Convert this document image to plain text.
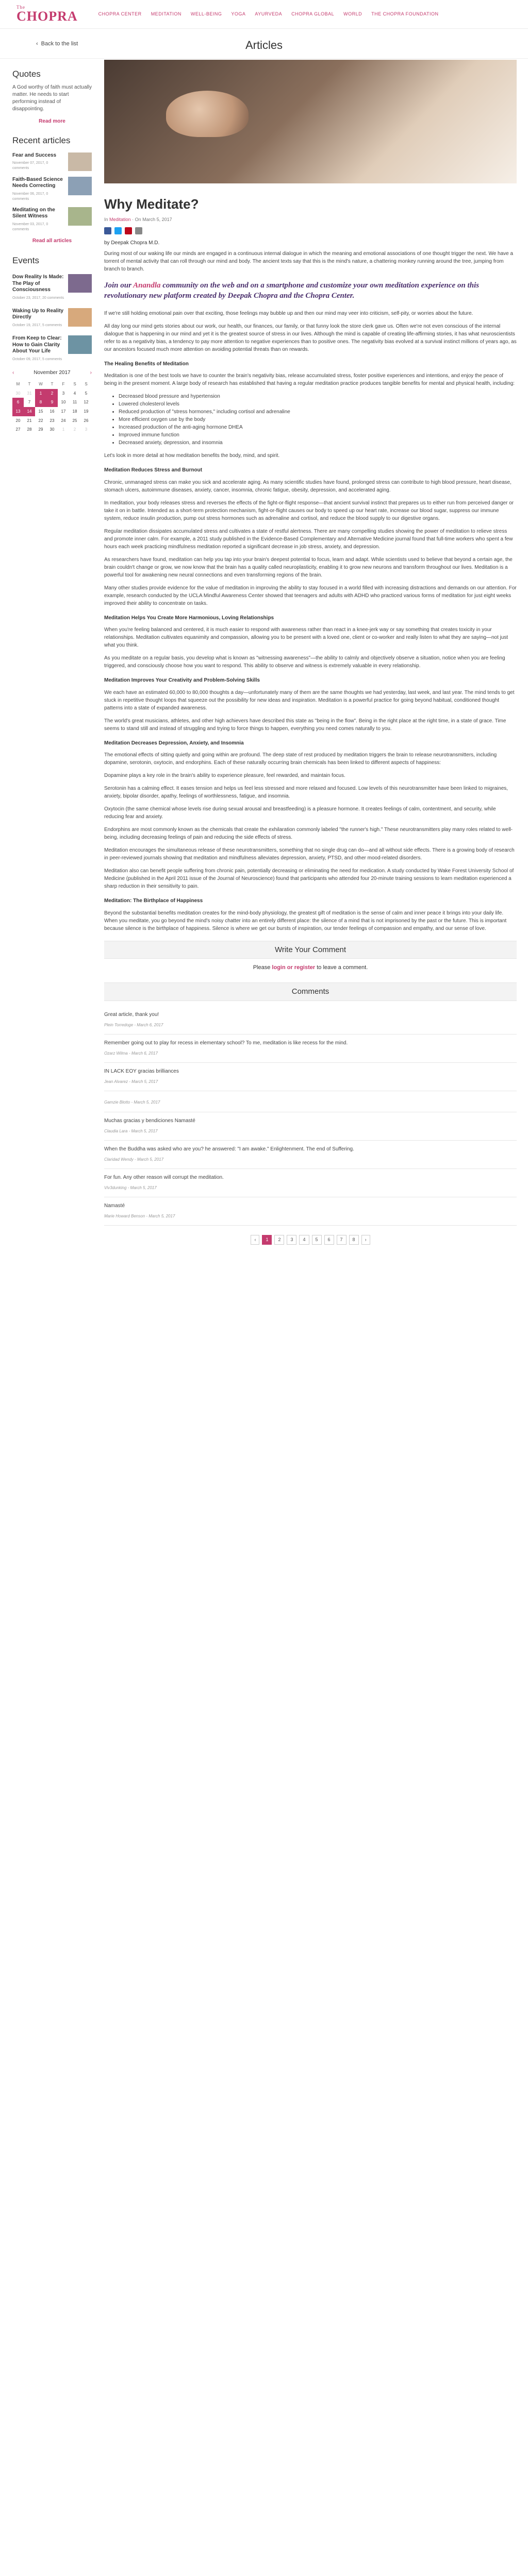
The
CHOPRA	CHOPRA CENTER MEDITATION WELL-BEING YOGA AYURVEDA CHOPRA GLOBAL WORLD THE CHOPRA FOUNDATION
‹ Back to the list	Articles
Quotes
A God worthy of faith must actually matter. He needs to start performing instead of disappointing.
Read more
Recent articles
Fear and Success
November 07, 2017, 0 comments
Faith-Based Science Needs Correcting
November 06, 2017, 0 comments
Meditating on the Silent Witness
November 03, 2017, 0 comments
Read all articles
Events
Dow Reality Is Made: The Play of Consciousness
October 23, 2017, 20 comments
Waking Up to Reality Directly
October 19, 2017, 5 comments
From Keep to Clear: How to Gain Clarity About Your Life
October 09, 2017, 5 comments
‹	November 2017	›
M	T	W	T	F	S	S
30	31	1	2	3	4	5
6	7	8	9	10	11	12
13	14	15	16	17	18	19
20	21	22	23	24	25	26
27	28	29	30	1	2	3
Why Meditate?
In Meditation · On March 5, 2017
by Deepak Chopra M.D.

During most of our waking life our minds are engaged in a continuous internal dialogue in which the meaning and emotional associations of one thought trigger the next. We have a torrent of mental activity that can roll through our mind and body. The ancient texts say that this is the mind's nature, a chattering monkey running around the tree, jumping from branch to branch.

Join our Anandla community on the web and on a smartphone and customize your own meditation experience on this revolutionary new platform created by Deepak Chopra and the Chopra Center.

If we're still holding emotional pain over that exciting, those feelings may bubble up and then our mind may veer into criticism, self-pity, or worries about the future.

All day long our mind gets stories about our work, our health, our finances, our family, or that funny look the store clerk gave us. Often we're not even conscious of the internal dialogue that is happening in our mind and yet it is the greatest source of stress in our lives. Although the mind is capable of creating life-affirming stories, it has what neuroscientists refer to as a negativity bias, a tendency to pay more attention to negative experiences than to positive ones. The negativity bias evolved at a survival instinct millions of years ago, as our ancestors focused much more attention on avoiding potential threats than on rewards.

The Healing Benefits of Meditation

Meditation is one of the best tools we have to counter the brain's negativity bias, release accumulated stress, foster positive experiences and intentions, and enjoy the peace of being in the present moment. A large body of research has established that having a regular meditation practice produces tangible benefits for mental and physical health, including:

• Decreased blood pressure and hypertension
• Lowered cholesterol levels
• Reduced production of "stress hormones," including cortisol and adrenaline
• More efficient oxygen use by the body
• Increased production of the anti-aging hormone DHEA
• Improved immune function
• Decreased anxiety, depression, and insomnia

Let's look in more detail at how meditation benefits the body, mind, and spirit.

Meditation Reduces Stress and Burnout

Chronic, unmanaged stress can make you sick and accelerate aging. As many scientific studies have found, prolonged stress can contribute to high blood pressure, heart disease, stomach ulcers, autoimmune diseases, anxiety, cancer, insomnia, chronic fatigue, obesity, depression, and accelerated aging.

In meditation, your body releases stress and reverses the effects of the fight-or-flight response—that ancient survival instinct that prepares us to either run from perceived danger or take it on in battle. Intended as a short-term protection mechanism, fight-or-flight causes our body to speed up our heart rate, increase our blood sugar, suppress our immune system, reduce insulin production, pump out stress hormones such as adrenaline and cortisol, and reduce the blood supply to our digestive organs.

Regular meditation dissipates accumulated stress and cultivates a state of restful alertness. There are many compelling studies showing the power of meditation to relieve stress and promote inner calm. For example, a 2011 study published in the Evidence-Based Complementary and Alternative Medicine journal found that full-time workers who spent a few hours each week practicing mindfulness meditation reported a significant decrease in job stress, anxiety, and depression.

As researchers have found, meditation can help you tap into your brain's deepest potential to focus, learn and adapt. While scientists used to believe that beyond a certain age, the brain couldn't change or grow, we now know that the brain has a quality called neuroplasticity, enabling it to grow new neurons and transform throughout our lives. Meditation is a powerful tool for awakening new neural connections and even transforming regions of the brain.

Many other studies provide evidence for the value of meditation in improving the ability to stay focused in a world filled with increasing distractions and demands on our attention. For example, research conducted by the UCLA Mindful Awareness Center showed that teenagers and adults with ADHD who practiced various forms of meditation for just eight weeks improved their ability to concentrate on tasks.

Meditation Helps You Create More Harmonious, Loving Relationships

When you're feeling balanced and centered, it is much easier to respond with awareness rather than react in a knee-jerk way or say something that creates toxicity in your relationships. Meditation cultivates equanimity and compassion, allowing you to be present with a loved one, client or co-worker and really listen to what they are saying—not just what you think.

As you meditate on a regular basis, you develop what is known as "witnessing awareness"—the ability to calmly and objectively observe a situation, notice when you are feeling triggered, and consciously choose how you want to respond. This ability to observe and witness is extremely valuable in every relationship.

Meditation Improves Your Creativity and Problem-Solving Skills

We each have an estimated 60,000 to 80,000 thoughts a day—unfortunately many of them are the same thoughts we had yesterday, last week, and last year. The mind tends to get stuck in repetitive thought loops that squeeze out the possibility for new ideas and inspiration. Meditation is a powerful practice for going beyond habitual, conditioned thought patterns into a state of expanded awareness.

The world's great musicians, athletes, and other high achievers have described this state as "being in the flow". Being in the right place at the right time, in a state of grace. Time seems to stand still and instead of struggling and trying to force things to happen, everything you need comes naturally to you.

Meditation Decreases Depression, Anxiety, and Insomnia

The emotional effects of sitting quietly and going within are profound. The deep state of rest produced by meditation triggers the brain to release neurotransmitters, including dopamine, serotonin, oxytocin, and endorphins. Each of these naturally occurring brain chemicals has been linked to different aspects of happiness:

Dopamine plays a key role in the brain's ability to experience pleasure, feel rewarded, and maintain focus.

Serotonin has a calming effect. It eases tension and helps us feel less stressed and more relaxed and focused. Low levels of this neurotransmitter have been linked to migraines, anxiety, bipolar disorder, apathy, feelings of worthlessness, fatigue, and insomnia.

Oxytocin (the same chemical whose levels rise during sexual arousal and breastfeeding) is a pleasure hormone. It creates feelings of calm, contentment, and security, while reducing fear and anxiety.

Endorphins are most commonly known as the chemicals that create the exhilaration commonly labeled "the runner's high." These neurotransmitters play many roles related to well-being, including decreasing feelings of pain and reducing the side effects of stress.

Meditation encourages the simultaneous release of these neurotransmitters, something that no single drug can do—and all without side effects. There is a growing body of research in peer-reviewed journals showing that meditation and mindfulness alleviates depression, anxiety, PTSD, and other mood-related disorders.

Meditation also can benefit people suffering from chronic pain, potentially decreasing or eliminating the need for medication. A study conducted by Wake Forest University School of Medicine (published in the April 2011 issue of the Journal of Neuroscience) found that participants who attended four 20-minute training sessions to learn meditation experienced a sharp reduction in their sensitivity to pain.

Meditation: The Birthplace of Happiness

Beyond the substantial benefits meditation creates for the mind-body physiology, the greatest gift of meditation is the sense of calm and inner peace it brings into your daily life. When you meditate, you go beyond the mind's noisy chatter into an entirely different place: the silence of a mind that is not imprisoned by the past or the future. This is important because silence is the birthplace of happiness. Silence is where we get our bursts of inspiration, our tender feelings of compassion and empathy, and our sense of love.

Write Your Comment
Please login or register to leave a comment.
Comments
Great article, thank you!
Plein Torredoge - March 6, 2017
Remember going out to play for recess in elementary school? To me, meditation is like recess for the mind.
Ozarz Wilma - March 6, 2017
IN LACK EOY gracias brilliances
Jean Alvarez - March 5, 2017
Gamzie Blotto - March 5, 2017
Muchas gracias y bendiciones Namasté
Claudia Lara - March 5, 2017
When the Buddha was asked who are you? he answered: "I am awake." Enlightenment. The end of Suffering.
Claridad Wendy - March 5, 2017
For fun. Any other reason will corrupt the meditation.
Viv3dunking - March 5, 2017
Namasté
Marie Howard Benson - March 5, 2017
‹	1	2	3	4	5	6	7	8	›
